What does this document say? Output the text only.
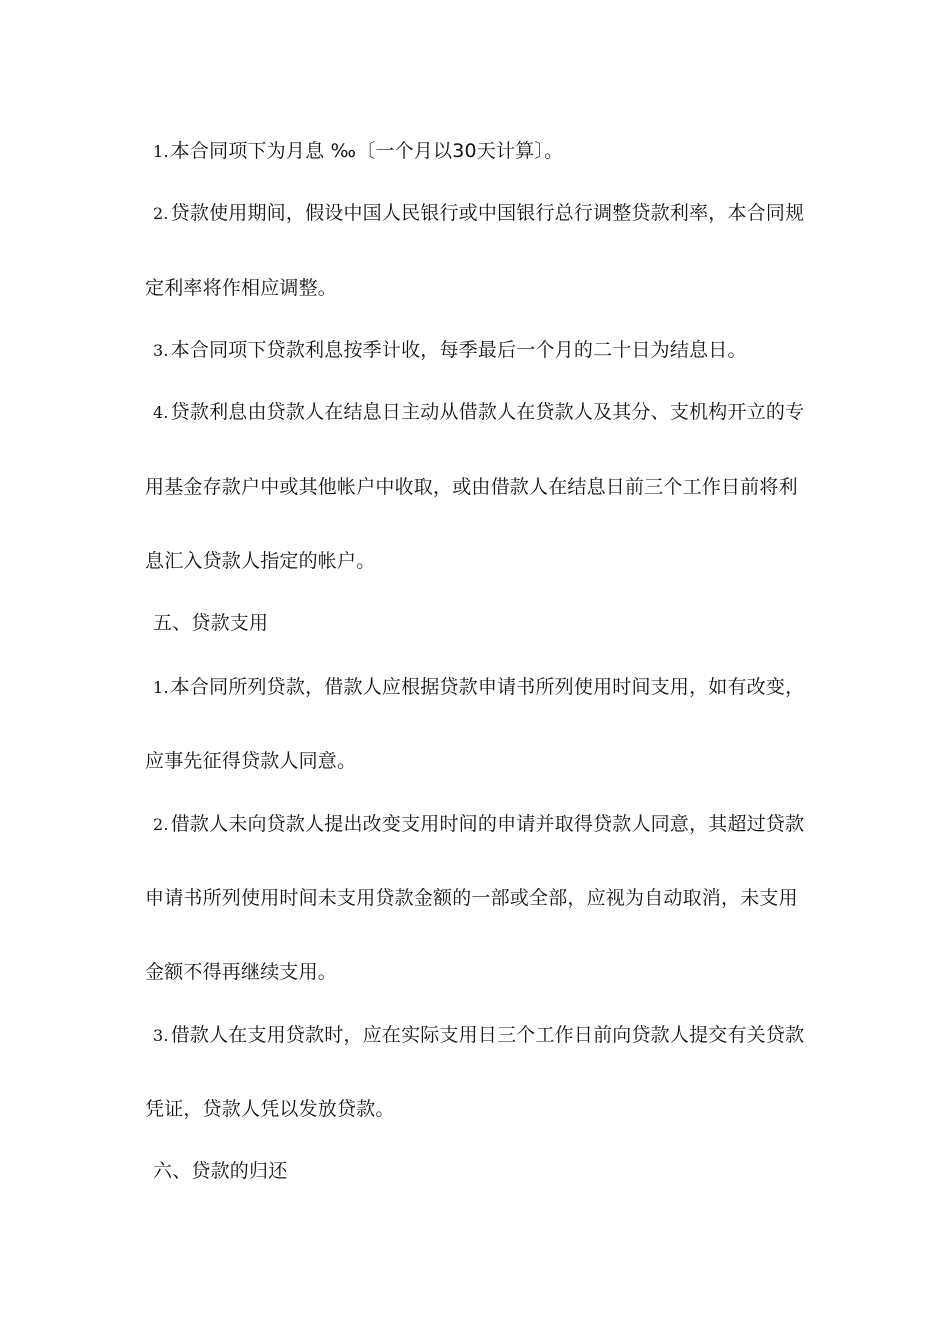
1. 本合同项下为月息 ‰〔一个月以30天计算〕。
2. 贷款使用期间，假设中国人民银行或中国银行总行调整贷款利率，本合同规
定利率将作相应调整。
3. 本合同项下贷款利息按季计收，每季最后一个月的二十日为结息日。
4. 贷款利息由贷款人在结息日主动从借款人在贷款人及其分、支机构开立的专
用基金存款户中或其他帐户中收取，或由借款人在结息日前三个工作日前将利
息汇入贷款人指定的帐户。
五、贷款支用
1. 本合同所列贷款，借款人应根据贷款申请书所列使用时间支用，如有改变，
应事先征得贷款人同意。
2. 借款人未向贷款人提出改变支用时间的申请并取得贷款人同意，其超过贷款
申请书所列使用时间未支用贷款金额的一部或全部，应视为自动取消，未支用
金额不得再继续支用。
3. 借款人在支用贷款时，应在实际支用日三个工作日前向贷款人提交有关贷款
凭证，贷款人凭以发放贷款。
六、贷款的归还
